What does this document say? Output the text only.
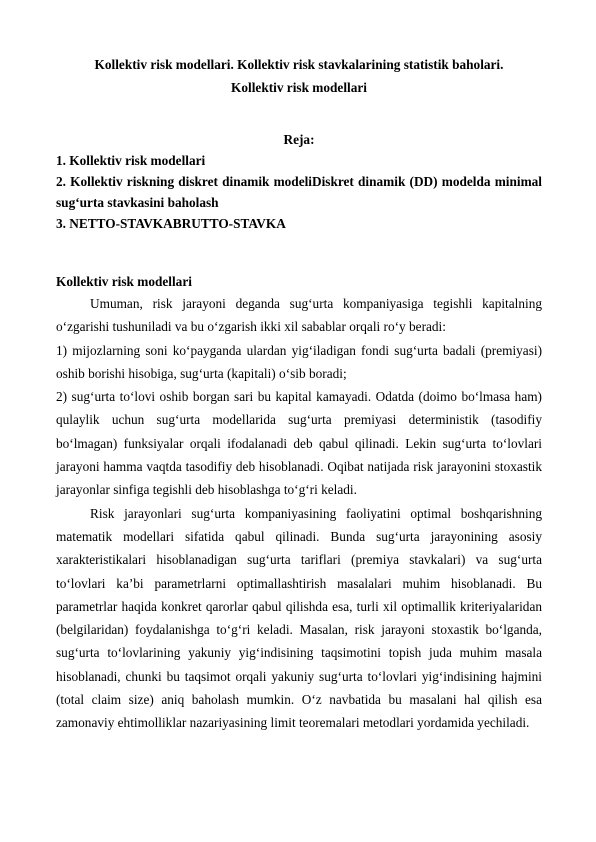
Kollektiv risk modellari. Kollektiv risk stavkalarining statistik baholari.
Kollektiv risk modellari
Reja:
1. Kollektiv risk modellari
2. Kollektiv riskning diskret dinamik modeliDiskret dinamik (DD) modelda minimal sug‘urta stavkasini baholash
3. NETTO-STAVKABRUTTO-STAVKA
Kollektiv risk modellari

Umuman, risk jarayoni deganda sug‘urta kompaniyasiga tegishli kapitalning o‘zgarishi tushuniladi va bu o‘zgarish ikki xil sabablar orqali ro‘y beradi:

1) mijozlarning soni ko‘payganda ulardan yig‘iladigan fondi sug‘urta badali (premiyasi) oshib borishi hisobiga, sug‘urta (kapitali) o‘sib boradi;

2) sug‘urta to‘lovi oshib borgan sari bu kapital kamayadi. Odatda (doimo bo‘lmasa ham) qulaylik uchun sug‘urta modellarida sug‘urta premiyasi deterministik (tasodifiy bo‘lmagan) funksiyalar orqali ifodalanadi deb qabul qilinadi. Lekin sug‘urta to‘lovlari jarayoni hamma vaqtda tasodifiy deb hisoblanadi. Oqibat natijada risk jarayonini stoxastik jarayonlar sinfiga tegishli deb hisoblashga to‘g‘ri keladi.

Risk jarayonlari sug‘urta kompaniyasining faoliyatini optimal boshqarishning matematik modellari sifatida qabul qilinadi. Bunda sug‘urta jarayonining asosiy xarakteristikalari hisoblanadigan sug‘urta tariflari (premiya stavkalari) va sug‘urta to‘lovlari ka’bi parametrlarni optimallashtirish masalalari muhim hisoblanadi. Bu parametrlar haqida konkret qarorlar qabul qilishda esa, turli xil optimallik kriteriyalaridan (belgilaridan) foydalanishga to‘g‘ri keladi. Masalan, risk jarayoni stoxastik bo‘lganda, sug‘urta to‘lovlarining yakuniy yig‘indisining taqsimotini topish juda muhim masala hisoblanadi, chunki bu taqsimot orqali yakuniy sug‘urta to‘lovlari yig‘indisining hajmini (total claim size) aniq baholash mumkin. O‘z navbatida bu masalani hal qilish esa zamonaviy ehtimolliklar nazariyasining limit teoremalari metodlari yordamida yechiladi.
